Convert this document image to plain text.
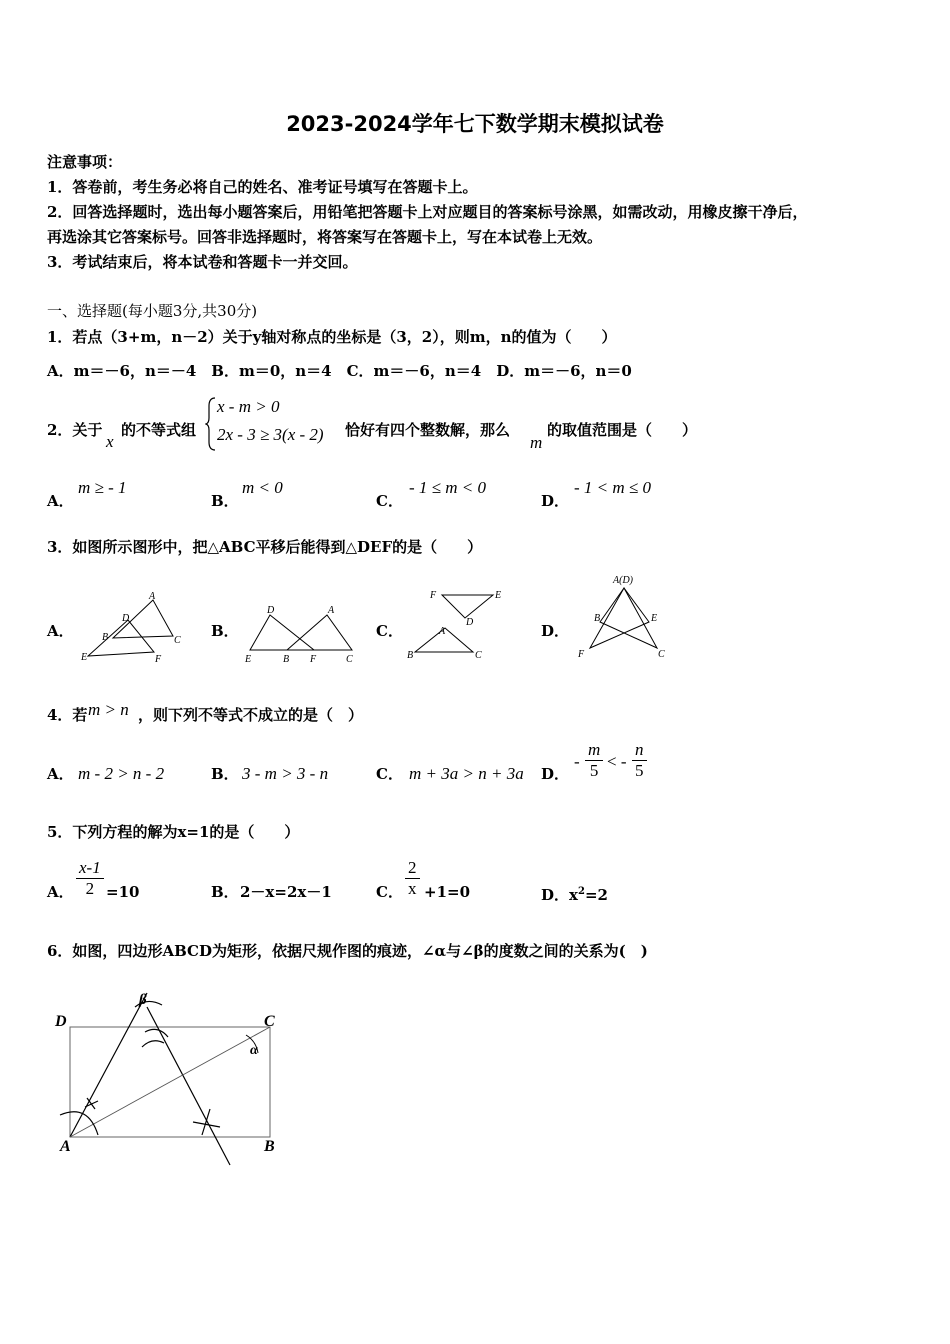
2023-2024学年七下数学期末模拟试卷
注意事项：
1．答卷前，考生务必将自己的姓名、准考证号填写在答题卡上。
2．回答选择题时，选出每小题答案后，用铅笔把答题卡上对应题目的答案标号涂黑，如需改动，用橡皮擦干净后，
再选涂其它答案标号。回答非选择题时，将答案写在答题卡上，写在本试卷上无效。
3．考试结束后，将本试卷和答题卡一并交回。
一、选择题(每小题3分,共30分)
1．若点（3+m，n－2）关于y轴对称点的坐标是（3，2），则m，n的值为（　　）
A．m＝－6，n＝－4　B．m＝0，n＝4　C．m＝－6，n＝4　D．m＝－6，n＝0
2．关于
x
的不等式组
x - m > 0
2x - 3 ≥ 3(x - 2) 恰好有四个整数解，那么
m
的取值范围是（　　）
A．
m ≥ - 1
B．
m < 0
C．
- 1 ≤ m < 0
D．
- 1 < m ≤ 0
3．如图所示图形中，把△ABC平移后能得到△DEF的是（　　）
A．
A
B	C
D
E	F
B．
A
B	C
D
E	F
C．	A
B	C
D
E
F
D．
A(D)
B
C
E
F
4．若 m > n ，则下列不等式不成立的是（　）
A． m - 2 > n - 2	B． 3 - m > 3 - n	C． m + 3a > n + 3a D．
- $\frac{m}{5}$ < - $\frac{n}{5}$
5．下列方程的解为x=1的是（　　）
A． $\frac{x-1}{2} =10$	B． 2－x=2x－1	C． $\frac{2}{x} +1=0$	D．$x^2=2$
6．如图，四边形ABCD为矩形，依据尺规作图的痕迹，∠α与∠β的度数之间的关系为(　)
A	B
C
D
α
β
